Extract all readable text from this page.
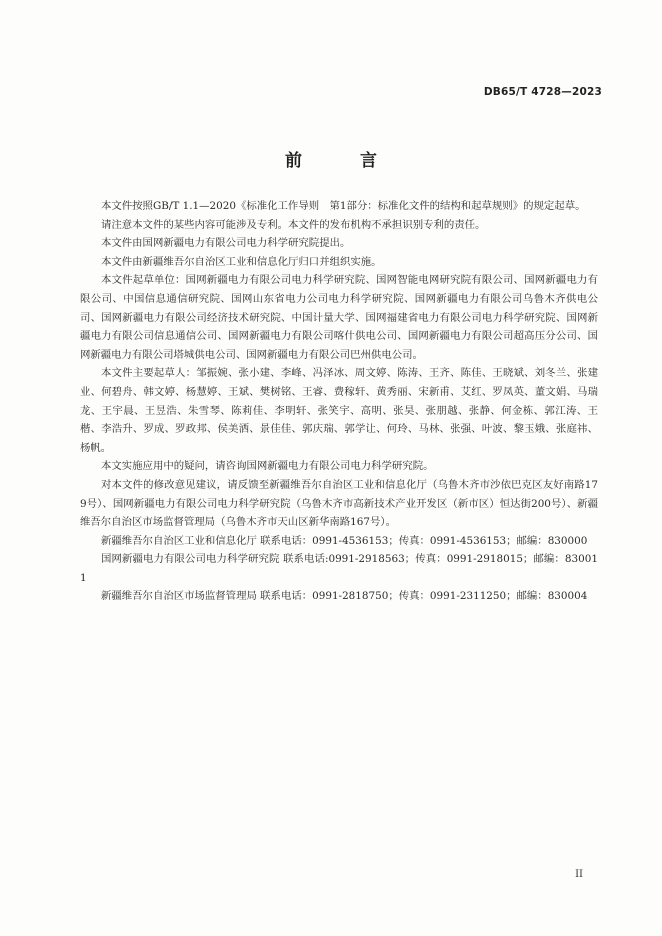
DB65/T 4728—2023
前 言

本文件按照GB/T 1.1—2020《标准化工作导则　第1部分：标准化文件的结构和起草规则》的规定起草。

请注意本文件的某些内容可能涉及专利。本文件的发布机构不承担识别专利的责任。

本文件由国网新疆电力有限公司电力科学研究院提出。

本文件由新疆维吾尔自治区工业和信息化厅归口并组织实施。

本文件起草单位：国网新疆电力有限公司电力科学研究院、国网智能电网研究院有限公司、国网新疆电力有限公司、中国信息通信研究院、国网山东省电力公司电力科学研究院、国网新疆电力有限公司乌鲁木齐供电公司、国网新疆电力有限公司经济技术研究院、中国计量大学、国网福建省电力有限公司电力科学研究院、国网新疆电力有限公司信息通信公司、国网新疆电力有限公司喀什供电公司、国网新疆电力有限公司超高压分公司、国网新疆电力有限公司塔城供电公司、国网新疆电力有限公司巴州供电公司。

本文件主要起草人：邹振婉、张小建、李峰、冯泽冰、周文婷、陈涛、王齐、陈佳、王晓斌、刘冬兰、张建业、何碧舟、韩文婷、杨慧婷、王斌、樊树铭、王睿、费稼轩、黄秀丽、宋新甫、艾红、罗凤英、董文娟、马瑞龙、王宇晨、王昱浩、朱雪琴、陈莉佳、李明轩、张笑宇、高明、张昊、张朋越、张静、何金栋、郭江涛、王楷、李浩升、罗成、罗政邦、侯美洒、景佳佳、郭庆瑞、郭学让、何玲、马林、张强、叶波、黎玉娥、张庭祎、杨帆。

本文实施应用中的疑问，请咨询国网新疆电力有限公司电力科学研究院。

对本文件的修改意见建议，请反馈至新疆维吾尔自治区工业和信息化厅（乌鲁木齐市沙依巴克区友好南路179号）、国网新疆电力有限公司电力科学研究院（乌鲁木齐市高新技术产业开发区（新市区）恒达街200号）、新疆维吾尔自治区市场监督管理局（乌鲁木齐市天山区新华南路167号）。

新疆维吾尔自治区工业和信息化厅 联系电话：0991-4536153；传真：0991-4536153；邮编：830000

国网新疆电力有限公司电力科学研究院 联系电话:0991-2918563；传真：0991-2918015；邮编：830011

新疆维吾尔自治区市场监督管理局 联系电话：0991-2818750；传真：0991-2311250；邮编：830004

II
